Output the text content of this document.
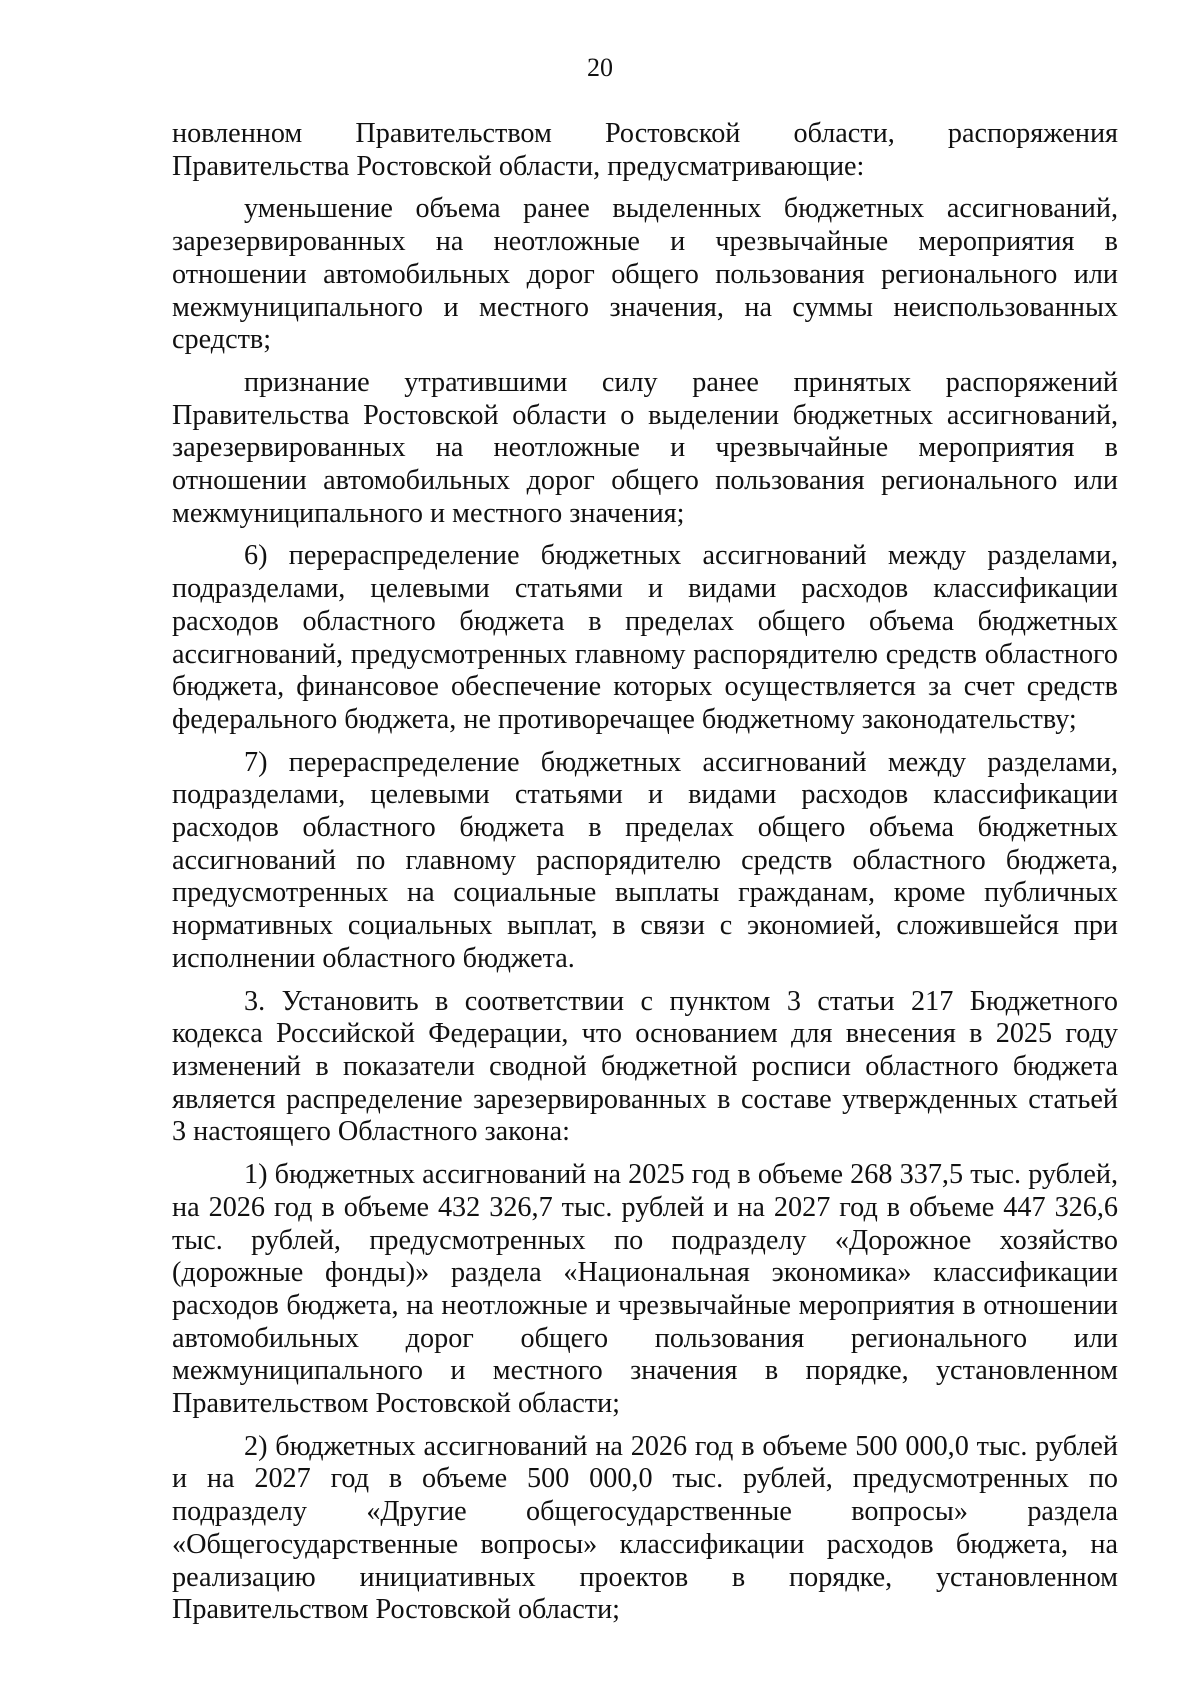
20

новленном Правительством Ростовской области, распоряжения Правительства Ростовской области, предусматривающие:

уменьшение объема ранее выделенных бюджетных ассигнований, зарезервированных на неотложные и чрезвычайные мероприятия в отношении автомобильных дорог общего пользования регионального или межмуниципального и местного значения, на суммы неиспользованных средств;

признание утратившими силу ранее принятых распоряжений Правительства Ростовской области о выделении бюджетных ассигнований, зарезервированных на неотложные и чрезвычайные мероприятия в отношении автомобильных дорог общего пользования регионального или межмуниципального и местного значения;

6) перераспределение бюджетных ассигнований между разделами, подразделами, целевыми статьями и видами расходов классификации расходов областного бюджета в пределах общего объема бюджетных ассигнований, предусмотренных главному распорядителю средств областного бюджета, финансовое обеспечение которых осуществляется за счет средств федерального бюджета, не противоречащее бюджетному законодательству;

7) перераспределение бюджетных ассигнований между разделами, подразделами, целевыми статьями и видами расходов классификации расходов областного бюджета в пределах общего объема бюджетных ассигнований по главному распорядителю средств областного бюджета, предусмотренных на социальные выплаты гражданам, кроме публичных нормативных социальных выплат, в связи с экономией, сложившейся при исполнении областного бюджета.

3. Установить в соответствии с пунктом 3 статьи 217 Бюджетного кодекса Российской Федерации, что основанием для внесения в 2025 году изменений в показатели сводной бюджетной росписи областного бюджета является распределение зарезервированных в составе утвержденных статьей 3 настоящего Областного закона:

1) бюджетных ассигнований на 2025 год в объеме 268 337,5 тыс. рублей, на 2026 год в объеме 432 326,7 тыс. рублей и на 2027 год в объеме 447 326,6 тыс. рублей, предусмотренных по подразделу «Дорожное хозяйство (дорожные фонды)» раздела «Национальная экономика» классификации расходов бюджета, на неотложные и чрезвычайные мероприятия в отношении автомобильных дорог общего пользования регионального или межмуниципального и местного значения в порядке, установленном Правительством Ростовской области;

2) бюджетных ассигнований на 2026 год в объеме 500 000,0 тыс. рублей и на 2027 год в объеме 500 000,0 тыс. рублей, предусмотренных по подразделу «Другие общегосударственные вопросы» раздела «Общегосударственные вопросы» классификации расходов бюджета, на реализацию инициативных проектов в порядке, установленном Правительством Ростовской области;
